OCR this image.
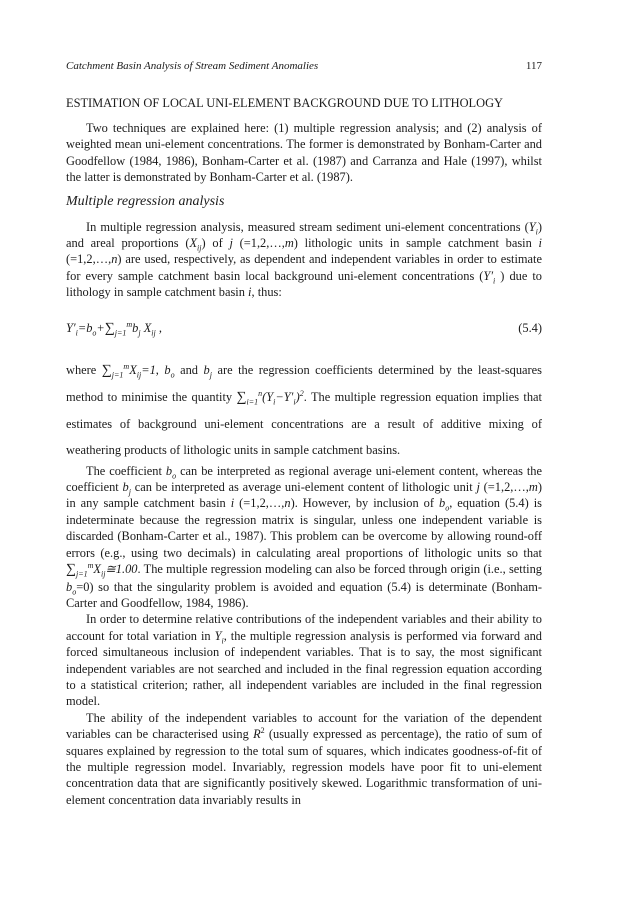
Catchment Basin Analysis of Stream Sediment Anomalies	117
ESTIMATION OF LOCAL UNI-ELEMENT BACKGROUND DUE TO LITHOLOGY

Two techniques are explained here: (1) multiple regression analysis; and (2) analysis of weighted mean uni-element concentrations. The former is demonstrated by Bonham-Carter and Goodfellow (1984, 1986), Bonham-Carter et al. (1987) and Carranza and Hale (1997), whilst the latter is demonstrated by Bonham-Carter et al. (1987).

Multiple regression analysis

In multiple regression analysis, measured stream sediment uni-element concentrations $(Y_i)$ and areal proportions $(X_{ij})$ of j (=1,2,…,m) lithologic units in sample catchment basin i (=1,2,…,n) are used, respectively, as dependent and independent variables in order to estimate for every sample catchment basin local background uni-element concentrations ($Y'_i$ ) due to lithology in sample catchment basin i, thus:

$Y'_i=b_o+\sum_{j=1}^mb_j$ $X_{ij}$ ,	(5.4)

where $\sum_{j=1}^mX_{ij}=1$, $b_o$ and $b_j$ are the regression coefficients determined by the least-squares method to minimise the quantity $\sum_{i=1}^n(Y_i-Y'_i)^2$. The multiple regression equation implies that estimates of background uni-element concentrations are a result of additive mixing of weathering products of lithologic units in sample catchment basins.

The coefficient $b_o$ can be interpreted as regional average uni-element content, whereas the coefficient $b_j$ can be interpreted as average uni-element content of lithologic unit j (=1,2,…,m) in any sample catchment basin i (=1,2,…,n). However, by inclusion of $b_o$, equation (5.4) is indeterminate because the regression matrix is singular, unless one independent variable is discarded (Bonham-Carter et al., 1987). This problem can be overcome by allowing round-off errors (e.g., using two decimals) in calculating areal proportions of lithologic units so that $\sum_{j=1}^mX_{ij}≅1.00$. The multiple regression modeling can also be forced through origin (i.e., setting $b_o=0$) so that the singularity problem is avoided and equation (5.4) is determinate (Bonham-Carter and Goodfellow, 1984, 1986).

In order to determine relative contributions of the independent variables and their ability to account for total variation in $Y_i$, the multiple regression analysis is performed via forward and forced simultaneous inclusion of independent variables. That is to say, the most significant independent variables are not searched and included in the final regression equation according to a statistical criterion; rather, all independent variables are included in the final regression model.

The ability of the independent variables to account for the variation of the dependent variables can be characterised using $R^2$ (usually expressed as percentage), the ratio of sum of squares explained by regression to the total sum of squares, which indicates goodness-of-fit of the multiple regression model. Invariably, regression models have poor fit to uni-element concentration data that are significantly positively skewed. Logarithmic transformation of uni-element concentration data invariably results in
